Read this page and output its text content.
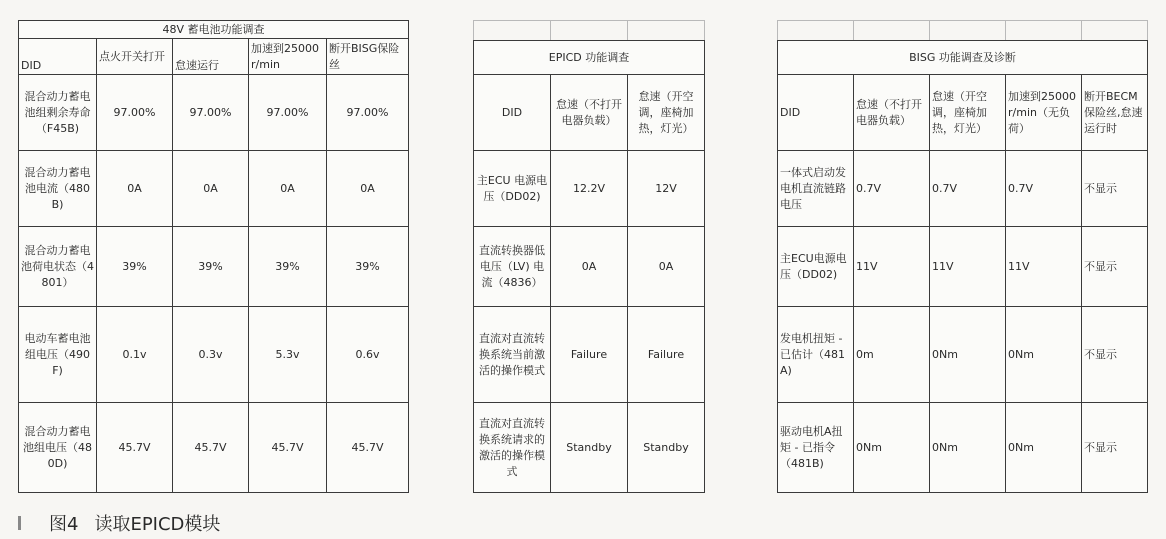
48V 蓄电池功能调查				
DID	点火开关打开	怠速运行	加速到25000r/min	断开BISG保险丝
混合动力蓄电池组剩余寿命（F45B)	97.00%	97.00%	97.00%	97.00%
混合动力蓄电池电流（480B)	0A	0A	0A	0A
混合动力蓄电池荷电状态（4801）	39%	39%	39%	39%
电动车蓄电池组电压（490F)	0.1v	0.3v	5.3v	0.6v
混合动力蓄电池组电压（480D)	45.7V	45.7V	45.7V	45.7V
EPICD 功能调查		
DID	怠速（不打开电器负载）	怠速（开空调，座椅加热，灯光）
主ECU 电源电压（DD02)	12.2V	12V
直流转换器低电压（LV) 电流（4836）	0A	0A
直流对直流转换系统当前激活的操作模式	Failure	Failure
直流对直流转换系统请求的激活的操作模式	Standby	Standby
BISG 功能调查及诊断				
DID	怠速（不打开电器负载）	怠速（开空调，座椅加热，灯光）	加速到25000r/min（无负荷）	断开BECM保险丝,怠速运行时
一体式启动发电机直流链路电压	0.7V	0.7V	0.7V	不显示
主ECU电源电压（DD02)	11V	11V	11V	不显示
发电机扭矩 - 已估计（481A)	0m	0Nm	0Nm	不显示
驱动电机A扭矩 - 已指令（481B)	0Nm	0Nm	0Nm	不显示
图4 读取EPICD模块
